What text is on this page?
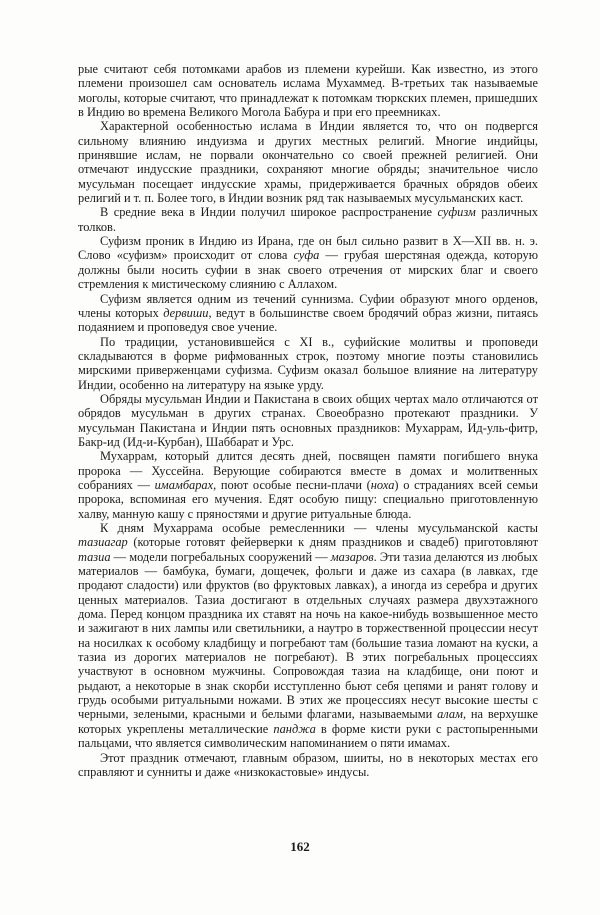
рые считают себя потомками арабов из племени курейши. Как известно, из этого племени произошел сам основатель ислама Мухаммед. В-третьих так называемые моголы, которые считают, что принадлежат к потомкам тюркских племен, пришедших в Индию во времена Великого Могола Бабура и при его преемниках.

Характерной особенностью ислама в Индии является то, что он подвергся сильному влиянию индуизма и других местных религий. Многие индийцы, принявшие ислам, не порвали окончательно со своей прежней религией. Они отмечают индусские праздники, сохраняют многие обряды; значительное число мусульман посещает индусские храмы, придерживается брачных обрядов обеих религий и т. п. Более того, в Индии возник ряд так называемых мусульманских каст.

В средние века в Индии получил широкое распространение суфизм различных толков.

Суфизм проник в Индию из Ирана, где он был сильно развит в X—XII вв. н. э. Слово «суфизм» происходит от слова суфа — грубая шерстяная одежда, которую должны были носить суфии в знак своего отречения от мирских благ и своего стремления к мистическому слиянию с Аллахом.

Суфизм является одним из течений суннизма. Суфии образуют много орденов, члены которых дервиши, ведут в большинстве своем бродячий образ жизни, питаясь подаянием и проповедуя свое учение.

По традиции, установившейся с XI в., суфийские молитвы и проповеди складываются в форме рифмованных строк, поэтому многие поэты становились мирскими приверженцами суфизма. Суфизм оказал большое влияние на литературу Индии, особенно на литературу на языке урду.

Обряды мусульман Индии и Пакистана в своих общих чертах мало отличаются от обрядов мусульман в других странах. Своеобразно протекают праздники. У мусульман Пакистана и Индии пять основных праздников: Мухаррам, Ид-уль-фитр, Бакр-ид (Ид-и-Курбан), Шаббарат и Урс.

Мухаррам, который длится десять дней, посвящен памяти погибшего внука пророка — Хуссейна. Верующие собираются вместе в домах и молитвенных собраниях — имамбарах, поют особые песни-плачи (ноха) о страданиях всей семьи пророка, вспоминая его мучения. Едят особую пищу: специально приготовленную халву, манную кашу с пряностями и другие ритуальные блюда.

К дням Мухаррама особые ремесленники — члены мусульманской касты тазиагар (которые готовят фейерверки к дням праздников и свадеб) приготовляют тазиа — модели погребальных сооружений — мазаров. Эти тазиа делаются из любых материалов — бамбука, бумаги, дощечек, фольги и даже из сахара (в лавках, где продают сладости) или фруктов (во фруктовых лавках), а иногда из серебра и других ценных материалов. Тазиа достигают в отдельных случаях размера двухэтажного дома. Перед концом праздника их ставят на ночь на какое-нибудь возвышенное место и зажигают в них лампы или светильники, а наутро в торжественной процессии несут на носилках к особому кладбищу и погребают там (большие тазиа ломают на куски, а тазиа из дорогих материалов не погребают). В этих погребальных процессиях участвуют в основном мужчины. Сопровождая тазиа на кладбище, они поют и рыдают, а некоторые в знак скорби исступленно бьют себя цепями и ранят голову и грудь особыми ритуальными ножами. В этих же процессиях несут высокие шесты с черными, зелеными, красными и белыми флагами, называемыми алам, на верхушке которых укреплены металлические панджа в форме кисти руки с растопыренными пальцами, что является символическим напоминанием о пяти имамах.

Этот праздник отмечают, главным образом, шииты, но в некоторых местах его справляют и сунниты и даже «низкокастовые» индусы.

162
